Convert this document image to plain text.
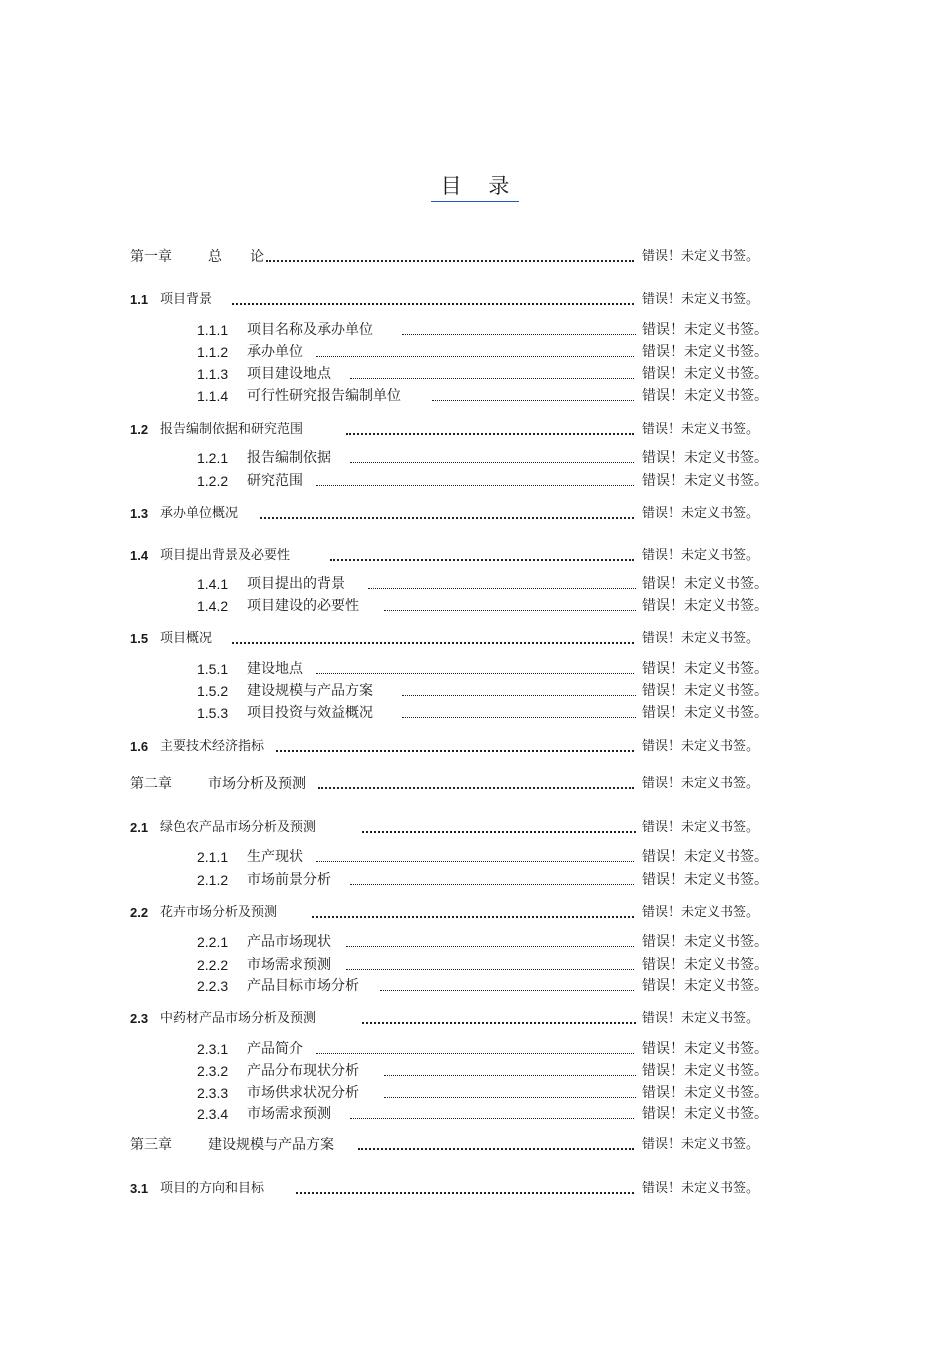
目 录
第一章	总　　论	错误！未定义书签。
1.1 项目背景	错误！未定义书签。
1.1.1	项目名称及承办单位	错误！未定义书签。
1.1.2	承办单位	错误！未定义书签。
1.1.3	项目建设地点	错误！未定义书签。
1.1.4	可行性研究报告编制单位	错误！未定义书签。
1.2 报告编制依据和研究范围	错误！未定义书签。
1.2.1	报告编制依据	错误！未定义书签。
1.2.2	研究范围	错误！未定义书签。
1.3 承办单位概况	错误！未定义书签。
1.4 项目提出背景及必要性	错误！未定义书签。
1.4.1	项目提出的背景	错误！未定义书签。
1.4.2	项目建设的必要性	错误！未定义书签。
1.5 项目概况	错误！未定义书签。
1.5.1	建设地点	错误！未定义书签。
1.5.2	建设规模与产品方案	错误！未定义书签。
1.5.3	项目投资与效益概况	错误！未定义书签。
1.6 主要技术经济指标	错误！未定义书签。
第二章	市场分析及预测	错误！未定义书签。
2.1 绿色农产品市场分析及预测	错误！未定义书签。
2.1.1	生产现状	错误！未定义书签。
2.1.2	市场前景分析	错误！未定义书签。
2.2 花卉市场分析及预测	错误！未定义书签。
2.2.1	产品市场现状	错误！未定义书签。
2.2.2	市场需求预测	错误！未定义书签。
2.2.3	产品目标市场分析	错误！未定义书签。
2.3 中药材产品市场分析及预测	错误！未定义书签。
2.3.1	产品简介	错误！未定义书签。
2.3.2	产品分布现状分析	错误！未定义书签。
2.3.3	市场供求状况分析	错误！未定义书签。
2.3.4	市场需求预测	错误！未定义书签。
第三章	建设规模与产品方案	错误！未定义书签。
3.1 项目的方向和目标	错误！未定义书签。
